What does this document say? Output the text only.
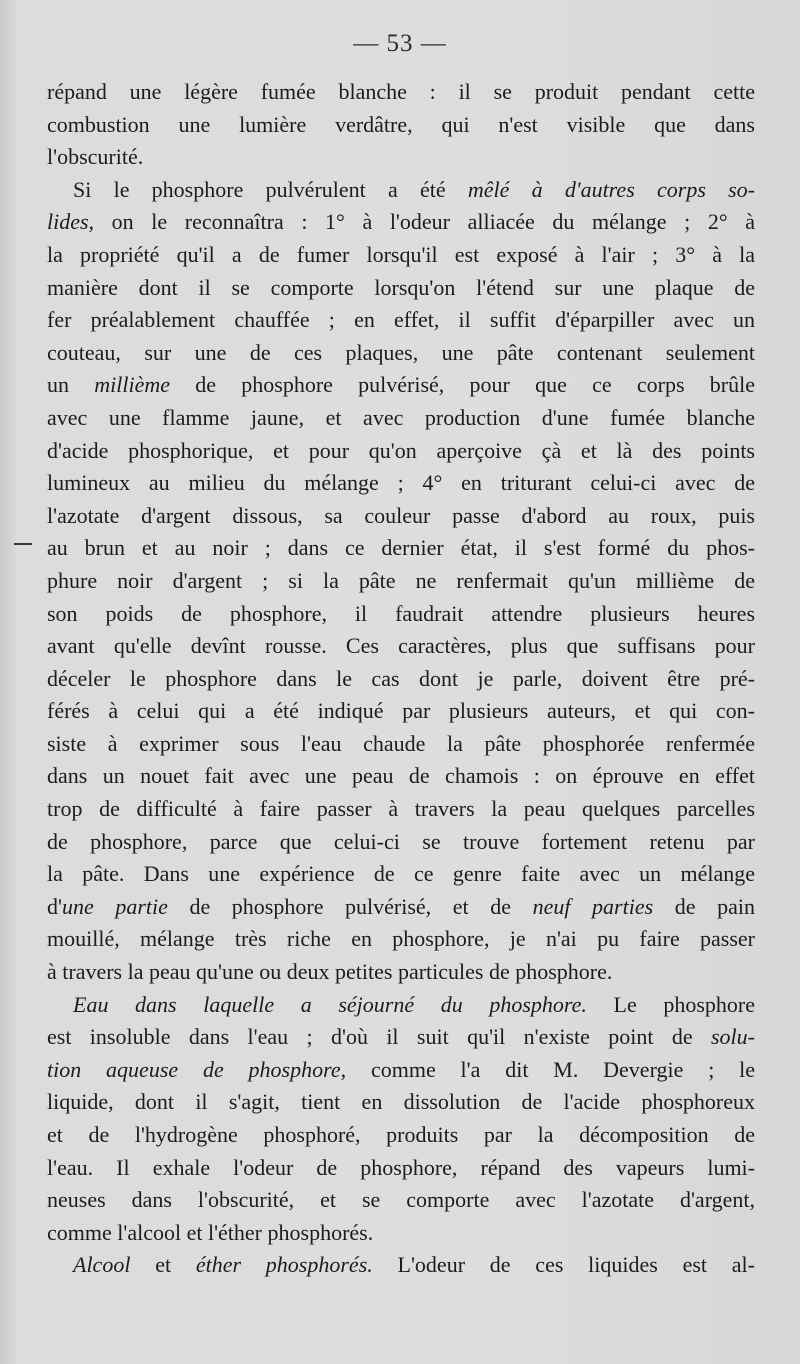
— 53 —
répand une légère fumée blanche : il se produit pendant cette
combustion une lumière verdâtre, qui n'est visible que dans
l'obscurité.
Si le phosphore pulvérulent a été mêlé à d'autres corps so-
lides, on le reconnaîtra : 1° à l'odeur alliacée du mélange ; 2° à
la propriété qu'il a de fumer lorsqu'il est exposé à l'air ; 3° à la
manière dont il se comporte lorsqu'on l'étend sur une plaque de
fer préalablement chauffée ; en effet, il suffit d'éparpiller avec un
couteau, sur une de ces plaques, une pâte contenant seulement
un millième de phosphore pulvérisé, pour que ce corps brûle
avec une flamme jaune, et avec production d'une fumée blanche
d'acide phosphorique, et pour qu'on aperçoive çà et là des points
lumineux au milieu du mélange ; 4° en triturant celui-ci avec de
l'azotate d'argent dissous, sa couleur passe d'abord au roux, puis
au brun et au noir ; dans ce dernier état, il s'est formé du phos-
phure noir d'argent ; si la pâte ne renfermait qu'un millième de
son poids de phosphore, il faudrait attendre plusieurs heures
avant qu'elle devînt rousse. Ces caractères, plus que suffisans pour
déceler le phosphore dans le cas dont je parle, doivent être pré-
férés à celui qui a été indiqué par plusieurs auteurs, et qui con-
siste à exprimer sous l'eau chaude la pâte phosphorée renfermée
dans un nouet fait avec une peau de chamois : on éprouve en effet
trop de difficulté à faire passer à travers la peau quelques parcelles
de phosphore, parce que celui-ci se trouve fortement retenu par
la pâte. Dans une expérience de ce genre faite avec un mélange
d'une partie de phosphore pulvérisé, et de neuf parties de pain
mouillé, mélange très riche en phosphore, je n'ai pu faire passer
à travers la peau qu'une ou deux petites particules de phosphore.
Eau dans laquelle a séjourné du phosphore. Le phosphore
est insoluble dans l'eau ; d'où il suit qu'il n'existe point de solu-
tion aqueuse de phosphore, comme l'a dit M. Devergie ; le
liquide, dont il s'agit, tient en dissolution de l'acide phosphoreux
et de l'hydrogène phosphoré, produits par la décomposition de
l'eau. Il exhale l'odeur de phosphore, répand des vapeurs lumi-
neuses dans l'obscurité, et se comporte avec l'azotate d'argent,
comme l'alcool et l'éther phosphorés.
Alcool et éther phosphorés. L'odeur de ces liquides est al-
